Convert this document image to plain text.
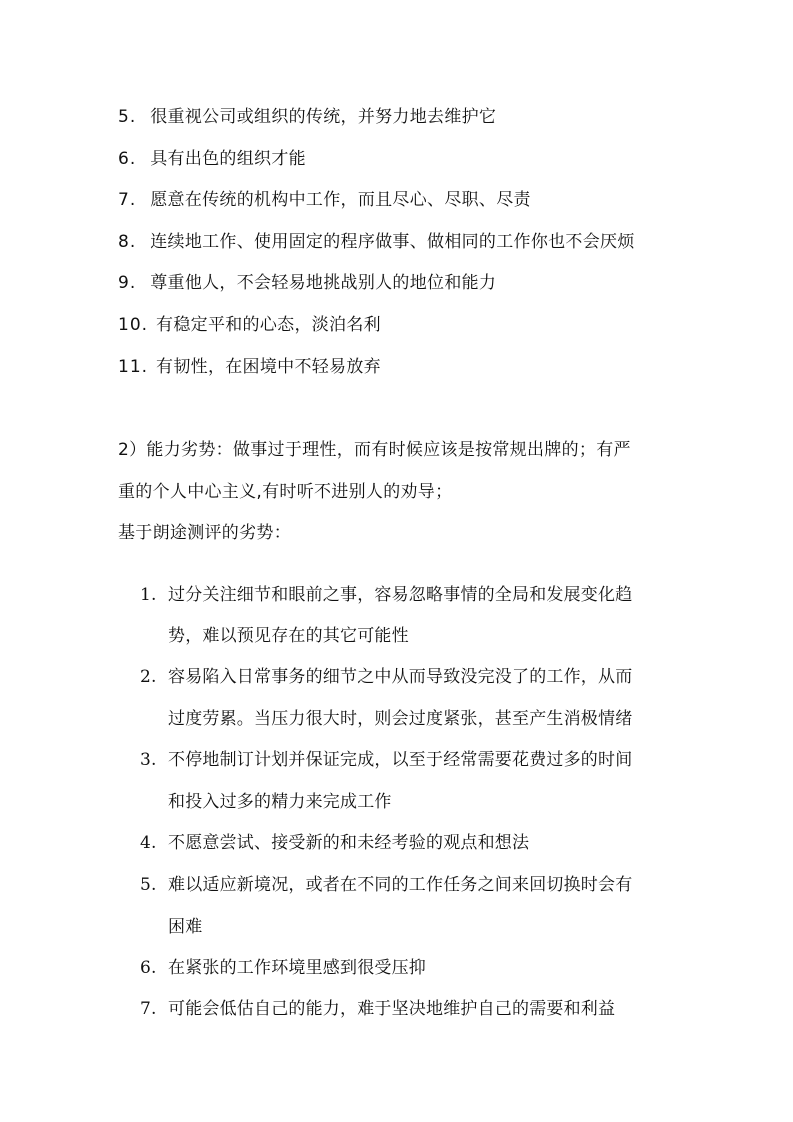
5. 很重视公司或组织的传统，并努力地去维护它
6. 具有出色的组织才能
7. 愿意在传统的机构中工作，而且尽心、尽职、尽责
8. 连续地工作、使用固定的程序做事、做相同的工作你也不会厌烦
9. 尊重他人，不会轻易地挑战别人的地位和能力
10. 有稳定平和的心态，淡泊名利
11. 有韧性，在困境中不轻易放弃
2）能力劣势：做事过于理性，而有时候应该是按常规出牌的；有严
重的个人中心主义,有时听不进别人的劝导；
基于朗途测评的劣势：
1. 过分关注细节和眼前之事，容易忽略事情的全局和发展变化趋
势，难以预见存在的其它可能性
2. 容易陷入日常事务的细节之中从而导致没完没了的工作，从而
过度劳累。当压力很大时，则会过度紧张，甚至产生消极情绪
3. 不停地制订计划并保证完成，以至于经常需要花费过多的时间
和投入过多的精力来完成工作
4. 不愿意尝试、接受新的和未经考验的观点和想法
5. 难以适应新境况，或者在不同的工作任务之间来回切换时会有
困难
6. 在紧张的工作环境里感到很受压抑
7. 可能会低估自己的能力，难于坚决地维护自己的需要和利益
